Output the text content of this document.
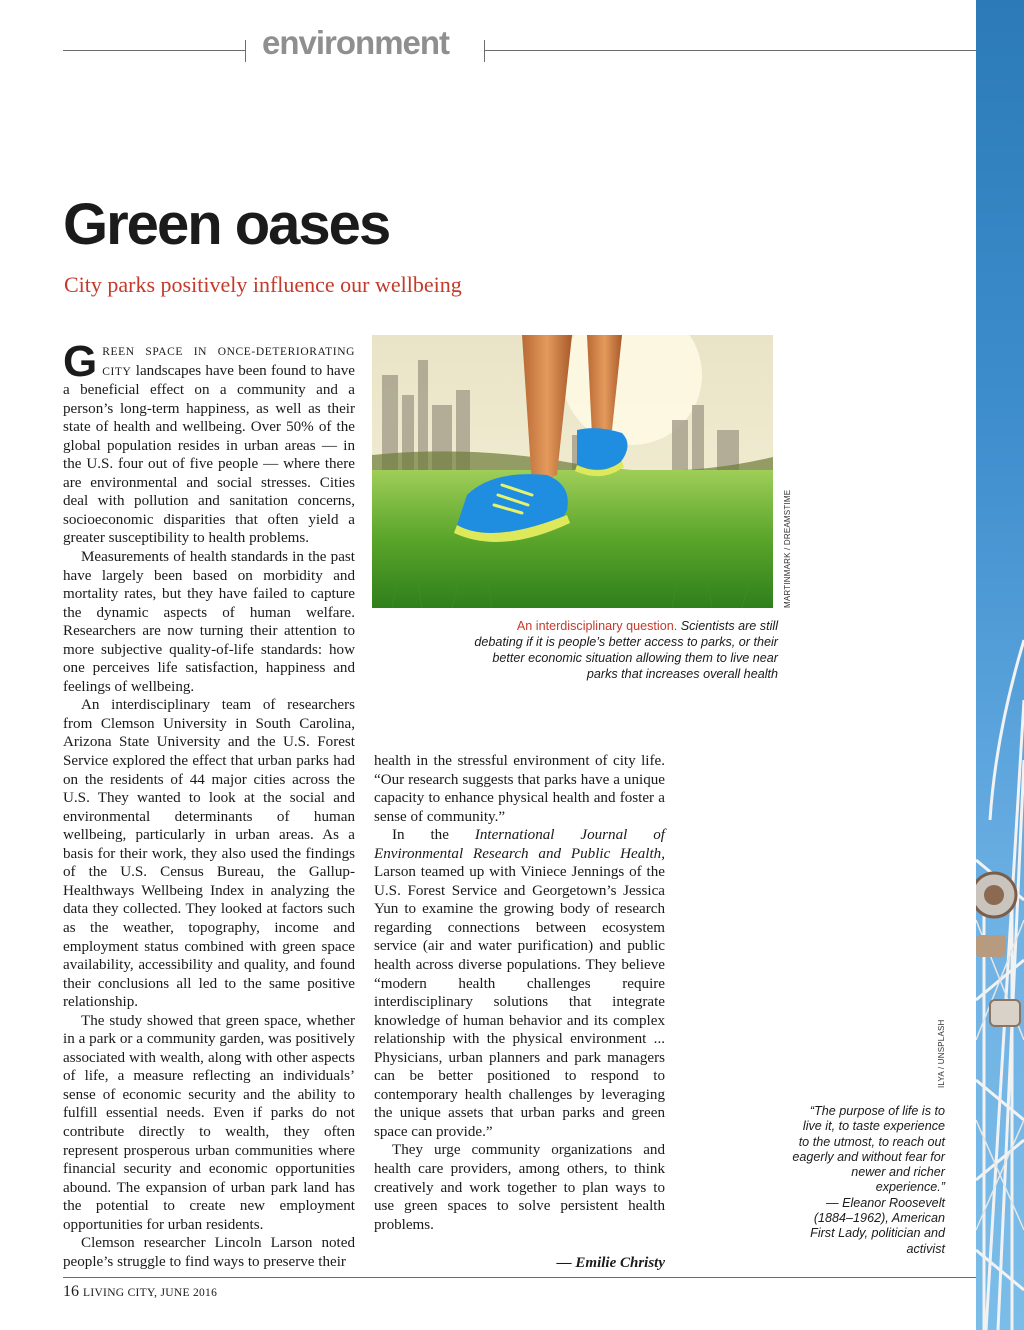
environment
ILYA / UNSPLASH
Green oases
City parks positively influence our wellbeing

GREEN SPACE IN ONCE-DETERIORATING CITY landscapes have been found to have a beneficial effect on a community and a person’s long-term happiness, as well as their state of health and wellbeing. Over 50% of the global population resides in urban areas — in the U.S. four out of five people — where there are environmental and social stresses. Cities deal with pollution and sanitation concerns, socioeconomic disparities that often yield a greater susceptibility to health problems.

Measurements of health standards in the past have largely been based on morbidity and mortality rates, but they have failed to capture the dynamic aspects of human welfare. Researchers are now turning their attention to more subjective quality-of-life standards: how one perceives life satisfaction, happiness and feelings of wellbeing.

An interdisciplinary team of researchers from Clemson University in South Carolina, Arizona State University and the U.S. Forest Service explored the effect that urban parks had on the residents of 44 major cities across the U.S. They wanted to look at the social and environmental determinants of human wellbeing, particularly in urban areas. As a basis for their work, they also used the findings of the U.S. Census Bureau, the Gallup-Healthways Wellbeing Index in analyzing the data they collected. They looked at factors such as the weather, topography, income and employment status combined with green space availability, accessibility and quality, and found their conclusions all led to the same positive relationship.

The study showed that green space, whether in a park or a community garden, was positively associated with wealth, along with other aspects of life, a measure reflecting an individuals’ sense of economic security and the ability to fulfill essential needs. Even if parks do not contribute directly to wealth, they often represent prosperous urban communities where financial security and economic opportunities abound. The expansion of urban park land has the potential to create new employment opportunities for urban residents.

Clemson researcher Lincoln Larson noted people’s struggle to find ways to preserve their

MARTINMARK / DREAMSTIME
An interdisciplinary question. Scientists are still debating if it is people’s better access to parks, or their better economic situation allowing them to live near parks that increases overall health

health in the stressful environment of city life. “Our research suggests that parks have a unique capacity to enhance physical health and foster a sense of community.”

In the International Journal of Environmental Research and Public Health, Larson teamed up with Viniece Jennings of the U.S. Forest Service and Georgetown’s Jessica Yun to examine the growing body of research regarding connections between ecosystem service (air and water purification) and public health across diverse populations. They believe “modern health challenges require interdisciplinary solutions that integrate knowledge of human behavior and its complex relationship with the physical environment ... Physicians, urban planners and park managers can be better positioned to respond to contemporary health challenges by leveraging the unique assets that urban parks and green space can provide.”

They urge community organizations and health care providers, among others, to think creatively and work together to plan ways to use green spaces to solve persistent health problems.

— Emilie Christy
“The purpose of life is to live it, to taste experience to the utmost, to reach out eagerly and without fear for newer and richer experience.”
— Eleanor Roosevelt (1884–1962), American First Lady, politician and activist
16 LIVING CITY, JUNE 2016
